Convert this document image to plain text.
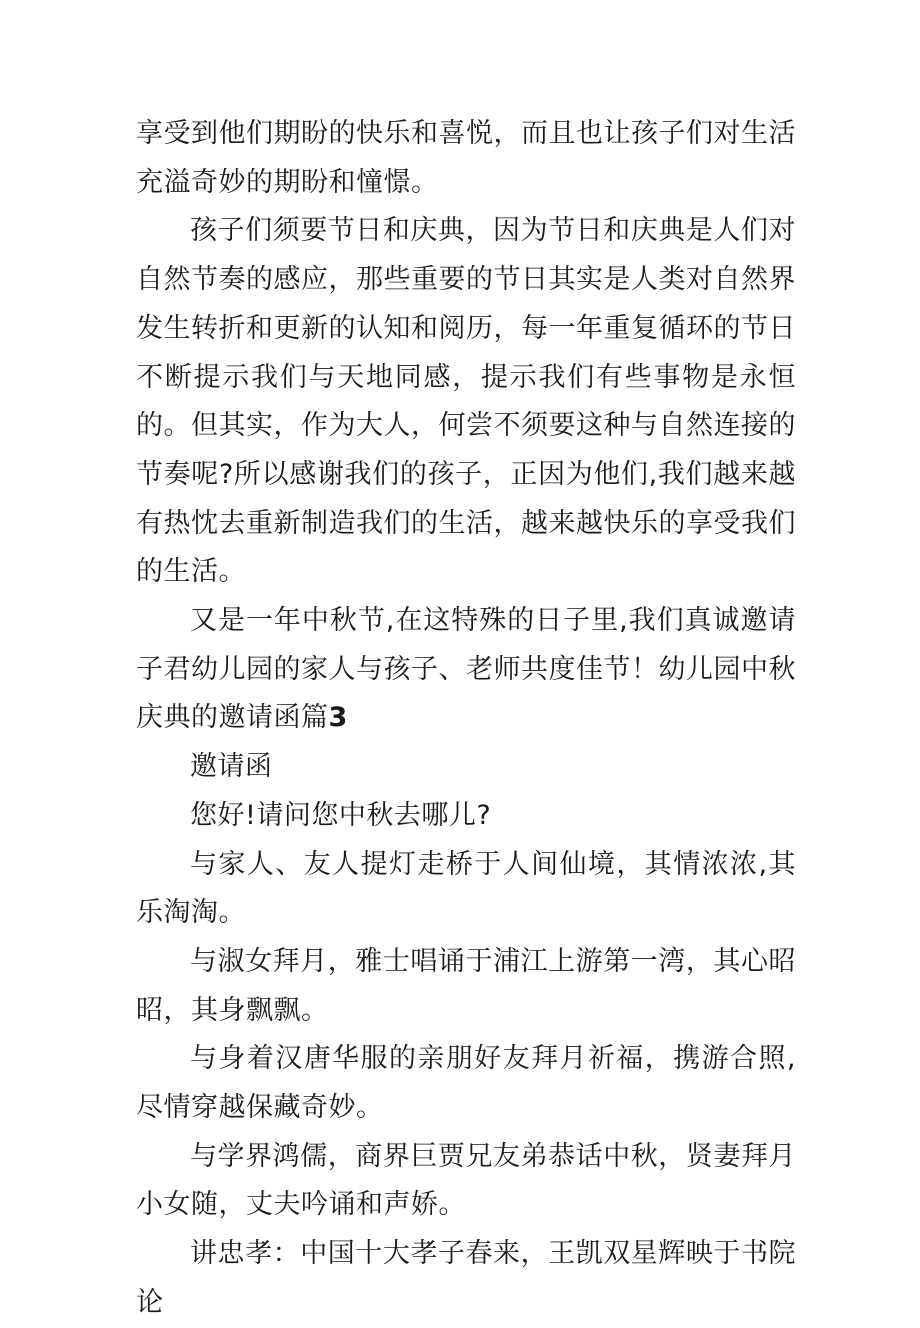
享受到他们期盼的快乐和喜悦，而且也让孩子们对生活充溢奇妙的期盼和憧憬。

孩子们须要节日和庆典，因为节日和庆典是人们对自然节奏的感应，那些重要的节日其实是人类对自然界发生转折和更新的认知和阅历，每一年重复循环的节日不断提示我们与天地同感，提示我们有些事物是永恒的。但其实，作为大人，何尝不须要这种与自然连接的节奏呢?所以感谢我们的孩子，正因为他们,我们越来越有热忱去重新制造我们的生活，越来越快乐的享受我们的生活。

又是一年中秋节,在这特殊的日子里,我们真诚邀请子君幼儿园的家人与孩子、老师共度佳节！幼儿园中秋庆典的邀请函篇3

邀请函

您好!请问您中秋去哪儿?

与家人、友人提灯走桥于人间仙境，其情浓浓,其乐淘淘。

与淑女拜月，雅士唱诵于浦江上游第一湾，其心昭昭，其身飘飘。

与身着汉唐华服的亲朋好友拜月祈福，携游合照,尽情穿越保藏奇妙。

与学界鸿儒，商界巨贾兄友弟恭话中秋，贤妻拜月小女随，丈夫吟诵和声娇。

讲忠孝：中国十大孝子春来，王凯双星辉映于书院论
